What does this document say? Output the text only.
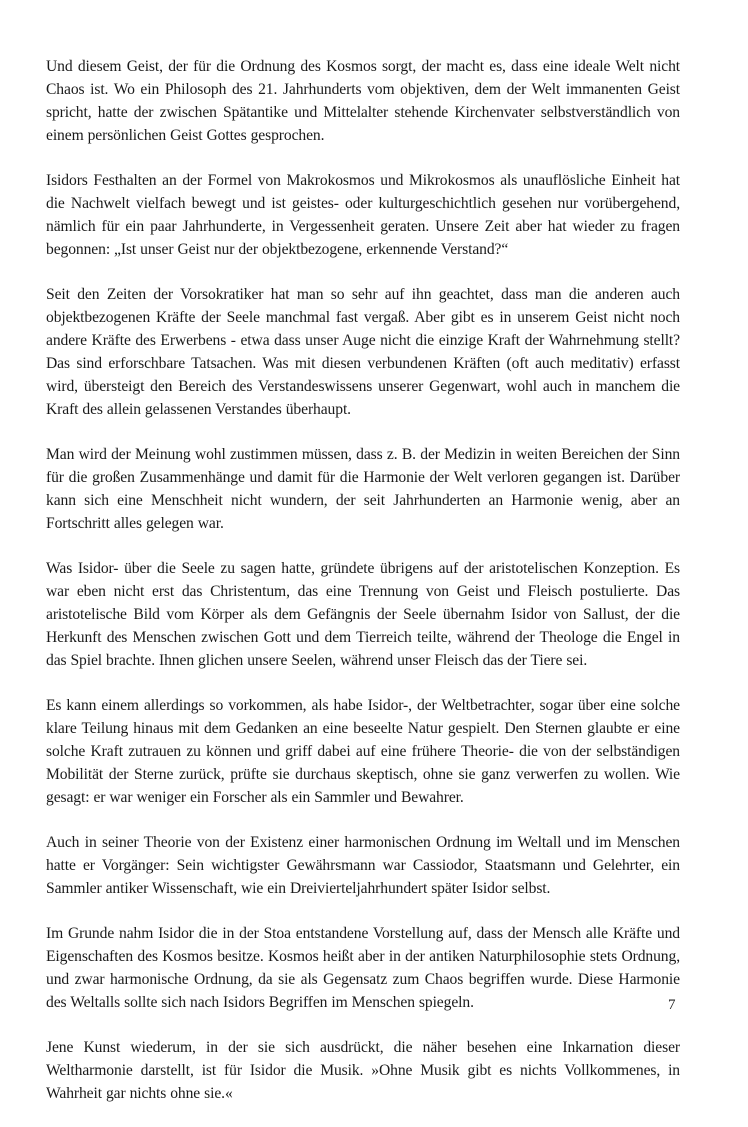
Und diesem Geist, der für die Ordnung des Kosmos sorgt, der macht es, dass eine ideale Welt nicht Chaos ist. Wo ein Philosoph des 21. Jahrhunderts vom objektiven, dem der Welt immanenten Geist spricht, hatte der zwischen Spätantike und Mittelalter stehende Kirchenvater selbstverständlich von einem persönlichen Geist Gottes gesprochen.

Isidors Festhalten an der Formel von Makrokosmos und Mikrokosmos als unauflösliche Einheit hat die Nachwelt vielfach bewegt und ist geistes- oder kulturgeschichtlich gesehen nur vorübergehend, nämlich für ein paar Jahrhunderte, in Vergessenheit geraten. Unsere Zeit aber hat wieder zu fragen begonnen: „Ist unser Geist nur der objektbezogene, erkennende Verstand?“

Seit den Zeiten der Vorsokratiker hat man so sehr auf ihn geachtet, dass man die anderen auch objektbezogenen Kräfte der Seele manchmal fast vergaß. Aber gibt es in unserem Geist nicht noch andere Kräfte des Erwerbens - etwa dass unser Auge nicht die einzige Kraft der Wahrnehmung stellt? Das sind erforschbare Tatsachen. Was mit diesen verbundenen Kräften (oft auch meditativ) erfasst wird, übersteigt den Bereich des Verstandeswissens unserer Gegenwart, wohl auch in manchem die Kraft des allein gelassenen Verstandes überhaupt.

Man wird der Meinung wohl zustimmen müssen, dass z. B. der Medizin in weiten Bereichen der Sinn für die großen Zusammenhänge und damit für die Harmonie der Welt verloren gegangen ist. Darüber kann sich eine Menschheit nicht wundern, der seit Jahrhunderten an Harmonie wenig, aber an Fortschritt alles gelegen war.

Was Isidor- über die Seele zu sagen hatte, gründete übrigens auf der aristotelischen Konzeption. Es war eben nicht erst das Christentum, das eine Trennung von Geist und Fleisch postulierte. Das aristotelische Bild vom Körper als dem Gefängnis der Seele übernahm Isidor von Sallust, der die Herkunft des Menschen zwischen Gott und dem Tierreich teilte, während der Theologe die Engel in das Spiel brachte. Ihnen glichen unsere Seelen, während unser Fleisch das der Tiere sei.

Es kann einem allerdings so vorkommen, als habe Isidor-, der Weltbetrachter, sogar über eine solche klare Teilung hinaus mit dem Gedanken an eine beseelte Natur gespielt. Den Sternen glaubte er eine solche Kraft zutrauen zu können und griff dabei auf eine frühere Theorie- die von der selbständigen Mobilität der Sterne zurück, prüfte sie durchaus skeptisch, ohne sie ganz verwerfen zu wollen. Wie gesagt: er war weniger ein Forscher als ein Sammler und Bewahrer.

Auch in seiner Theorie von der Existenz einer harmonischen Ordnung im Weltall und im Menschen hatte er Vorgänger: Sein wichtigster Gewährsmann war Cassiodor, Staatsmann und Gelehrter, ein Sammler antiker Wissenschaft, wie ein Dreivierteljahrhundert später Isidor selbst.

Im Grunde nahm Isidor die in der Stoa entstandene Vorstellung auf, dass der Mensch alle Kräfte und Eigenschaften des Kosmos besitze. Kosmos heißt aber in der antiken Naturphilosophie stets Ordnung, und zwar harmonische Ordnung, da sie als Gegensatz zum Chaos begriffen wurde. Diese Harmonie des Weltalls sollte sich nach Isidors Begriffen im Menschen spiegeln.

Jene Kunst wiederum, in der sie sich ausdrückt, die näher besehen eine Inkarnation dieser Weltharmonie darstellt, ist für Isidor die Musik. »Ohne Musik gibt es nichts Vollkommenes, in Wahrheit gar nichts ohne sie.«

7
